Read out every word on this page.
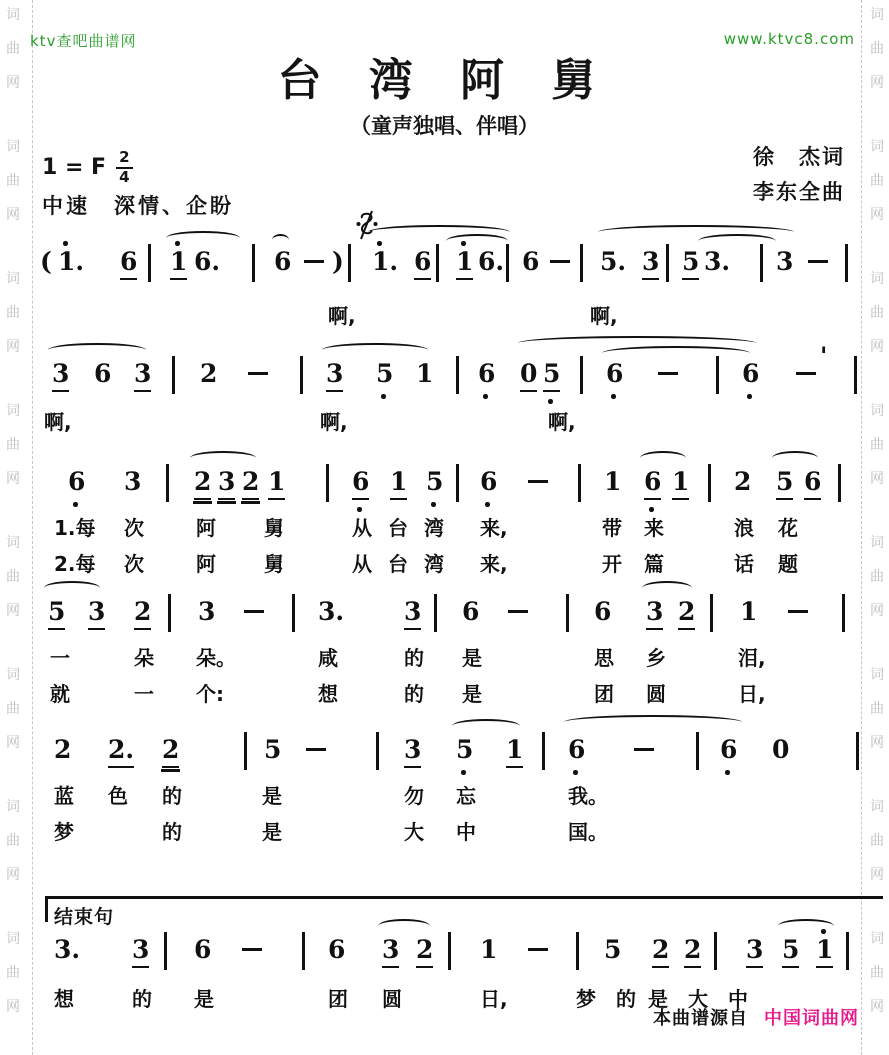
词
曲
网
词
曲
网
词
曲
网
词
曲
网
词
曲
网
词
曲
网
词
曲
网
词
曲
网
词
曲
网
词
曲
网
词
曲
网
词
曲
网
词
曲
网
词
曲
网
词
曲
网
词
曲
网
ktv查吧曲谱网	www.ktvc8.com
台 湾 阿 舅
（童声独唱、伴唱）
徐　杰词
李东全曲
1 = F $\frac{2}{4}$
中速　深情、企盼
( 1. 6 1 6. 6 ) 1. 6 1 6. 6 5. 3 5 3. 3
啊,	啊,
3 6 3 2	3 5 1 6 0 5 6	6
'
啊,	啊,	啊,
6 3 2 3 2 1	6 1 5 6	1 6 1 2 5 6
1.每 次	阿 舅	从 台 湾 来,	带 来	浪 花
2.每 次	阿 舅	从 台 湾 来,	开 篇	话 题
5 3 2 3	3. 3 6	6 3 2 1
一	朵 朵。	咸	的 是	思 乡	泪,
就	一 个:	想	的 是	团 圆	日,
2 2. 2	5	3 5 1 6	6 0
蓝 色 的	是	勿 忘	我。
梦	的	是	大 中	国。
结束句
3. 3 6	6 3 2 1	5 2 2 3 5 1
想	的 是	团 圆	日,	梦 的 是 大 中
本曲谱源自 中国词曲网
